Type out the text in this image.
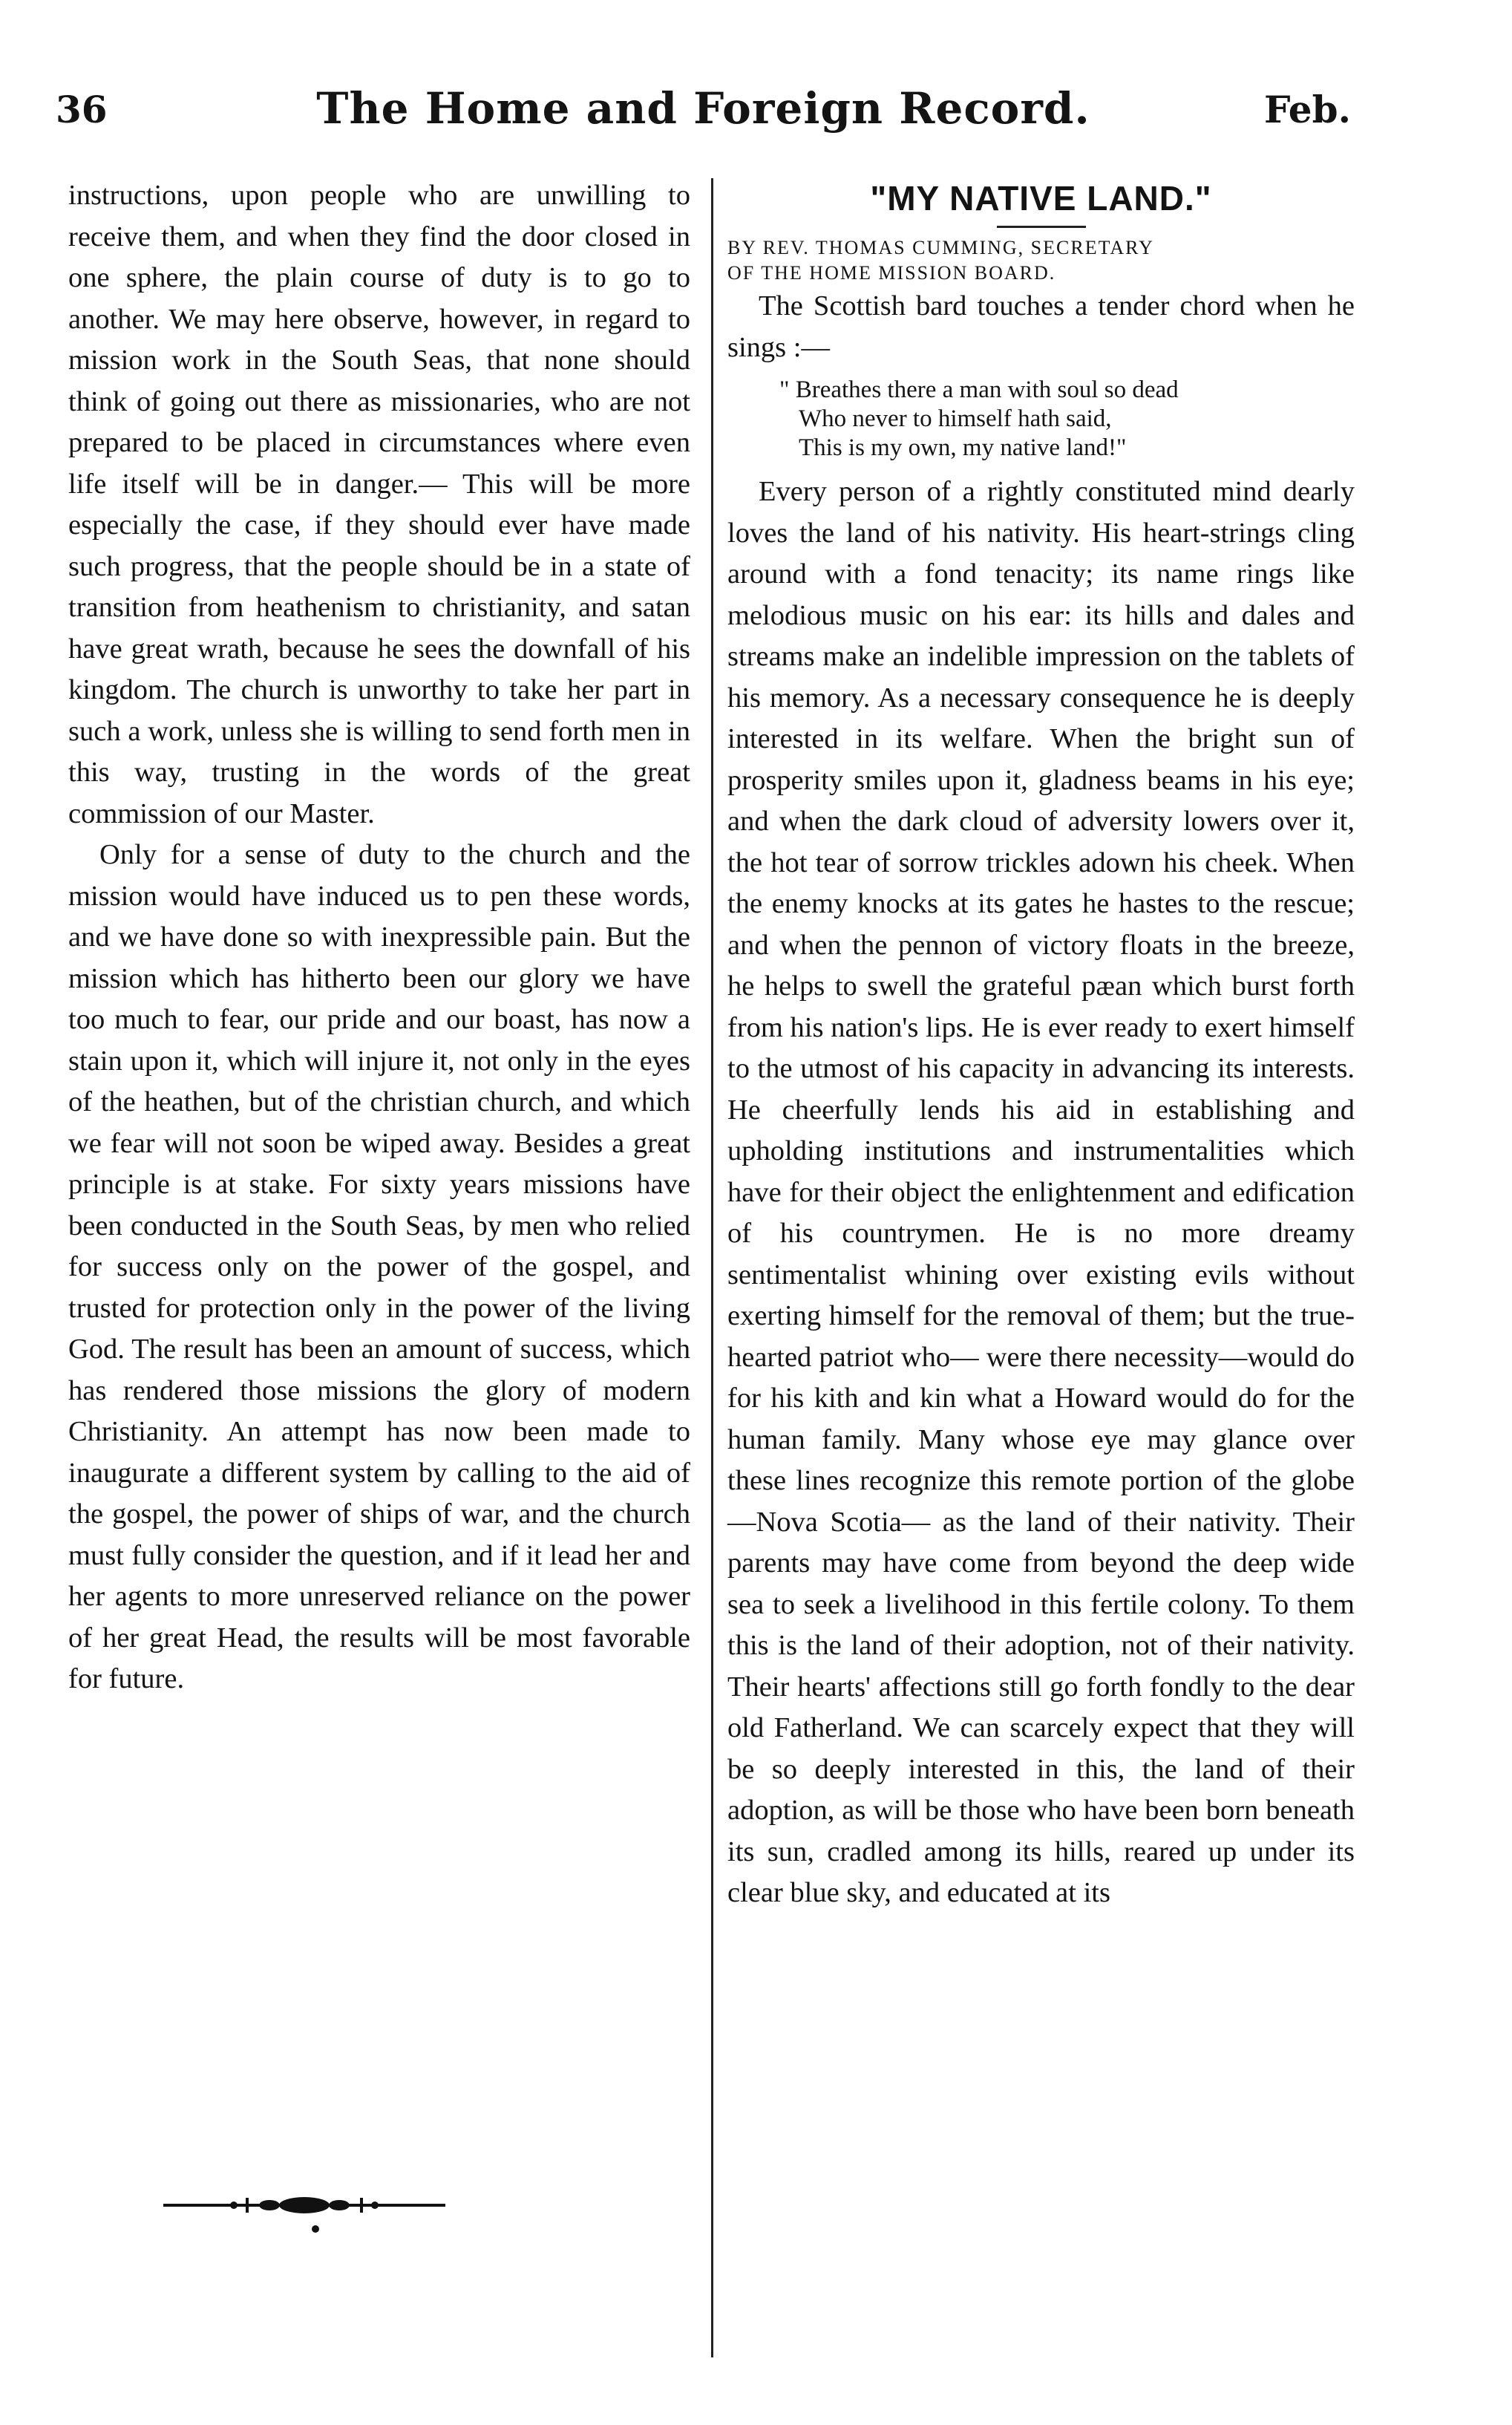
36	The Home and Foreign Record.	Feb.

instructions, upon people who are unwilling to receive them, and when they find the door closed in one sphere, the plain course of duty is to go to another. We may here observe, however, in regard to mission work in the South Seas, that none should think of going out there as missionaries, who are not prepared to be placed in circumstances where even life itself will be in danger.— This will be more especially the case, if they should ever have made such progress, that the people should be in a state of transition from heathenism to christianity, and satan have great wrath, because he sees the downfall of his kingdom. The church is unworthy to take her part in such a work, unless she is willing to send forth men in this way, trusting in the words of the great commission of our Master.

Only for a sense of duty to the church and the mission would have induced us to pen these words, and we have done so with inexpressible pain. But the mission which has hitherto been our glory we have too much to fear, our pride and our boast, has now a stain upon it, which will injure it, not only in the eyes of the heathen, but of the christian church, and which we fear will not soon be wiped away. Besides a great principle is at stake. For sixty years missions have been conducted in the South Seas, by men who relied for success only on the power of the gospel, and trusted for protection only in the power of the living God. The result has been an amount of success, which has rendered those missions the glory of modern Christianity. An attempt has now been made to inaugurate a different system by calling to the aid of the gospel, the power of ships of war, and the church must fully consider the question, and if it lead her and her agents to more unreserved reliance on the power of her great Head, the results will be most favorable for future.

"MY NATIVE LAND."

BY REV. THOMAS CUMMING, SECRETARY
OF THE HOME MISSION BOARD.

The Scottish bard touches a tender chord when he sings :—

" Breathes there a man with soul so dead
Who never to himself hath said,
This is my own, my native land!"

Every person of a rightly constituted mind dearly loves the land of his nativity. His heart-strings cling around with a fond tenacity; its name rings like melodious music on his ear: its hills and dales and streams make an indelible impression on the tablets of his memory. As a necessary consequence he is deeply interested in its welfare. When the bright sun of prosperity smiles upon it, gladness beams in his eye; and when the dark cloud of adversity lowers over it, the hot tear of sorrow trickles adown his cheek. When the enemy knocks at its gates he hastes to the rescue; and when the pennon of victory floats in the breeze, he helps to swell the grateful pæan which burst forth from his nation's lips. He is ever ready to exert himself to the utmost of his capacity in advancing its interests. He cheerfully lends his aid in establishing and upholding institutions and instrumentalities which have for their object the enlightenment and edification of his countrymen. He is no more dreamy sentimentalist whining over existing evils without exerting himself for the removal of them; but the true-hearted patriot who— were there necessity—would do for his kith and kin what a Howard would do for the human family. Many whose eye may glance over these lines recognize this remote portion of the globe—Nova Scotia— as the land of their nativity. Their parents may have come from beyond the deep wide sea to seek a livelihood in this fertile colony. To them this is the land of their adoption, not of their nativity. Their hearts' affections still go forth fondly to the dear old Fatherland. We can scarcely expect that they will be so deeply interested in this, the land of their adoption, as will be those who have been born beneath its sun, cradled among its hills, reared up under its clear blue sky, and educated at its
